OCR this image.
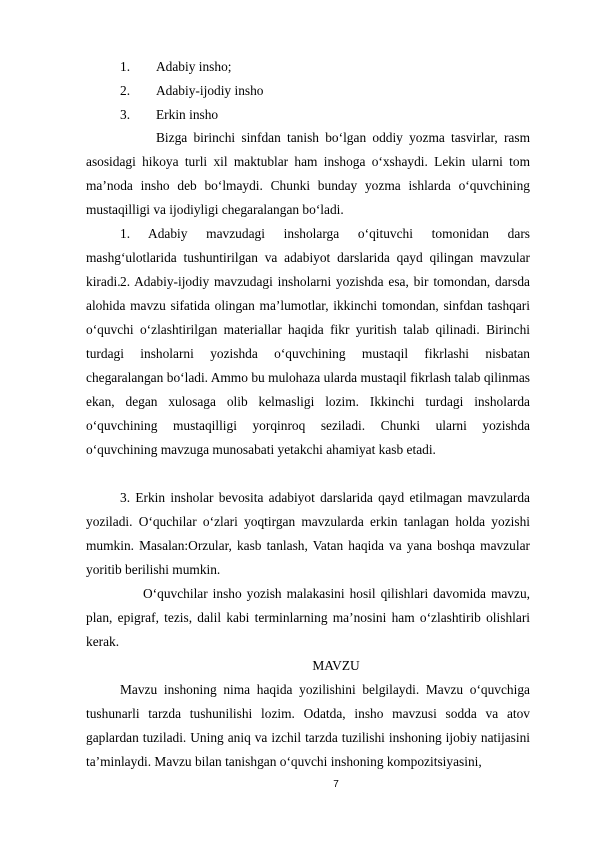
1.	Adabiy insho;
2.	Adabiy-ijodiy insho
3.	Erkin insho

Bizga birinchi sinfdan tanish bo‘lgan oddiy yozma tasvirlar, rasm asosidagi hikoya turli xil maktublar ham inshoga o‘xshaydi. Lekin ularni tom ma’noda insho deb bo‘lmaydi. Chunki bunday yozma ishlarda o‘quvchining mustaqilligi va ijodiyligi chegaralangan bo‘ladi.

1. Adabiy mavzudagi insholarga o‘qituvchi tomonidan dars mashg‘ulotlarida tushuntirilgan va adabiyot darslarida qayd qilingan mavzular kiradi. 2. Adabiy-ijodiy mavzudagi insholarni yozishda esa, bir tomondan, darsda alohida mavzu sifatida olingan ma’lumotlar, ikkinchi tomondan, sinfdan tashqari o‘quvchi o‘zlashtirilgan materiallar haqida fikr yuritish talab qilinadi. Birinchi turdagi insholarni yozishda o‘quvchining mustaqil fikrlashi nisbatan chegaralangan bo‘ladi. Ammo bu mulohaza ularda mustaqil fikrlash talab qilinmas ekan, degan xulosaga olib kelmasligi lozim. Ikkinchi turdagi insholarda o‘quvchining mustaqilligi yorqinroq seziladi. Chunki ularni yozishda o‘quvchining mavzuga munosabati yetakchi ahamiyat kasb etadi.

3. Erkin insholar bevosita adabiyot darslarida qayd etilmagan mavzularda yoziladi. O‘quchilar o‘zlari yoqtirgan mavzularda erkin tanlagan holda yozishi mumkin. Masalan:Orzular, kasb tanlash, Vatan haqida va yana boshqa mavzular yoritib berilishi mumkin.

O‘quvchilar insho yozish malakasini hosil qilishlari davomida mavzu, plan, epigraf, tezis, dalil kabi terminlarning ma’nosini ham o‘zlashtirib olishlari kerak.

MAVZU

Mavzu inshoning nima haqida yozilishini belgilaydi. Mavzu o‘quvchiga tushunarli tarzda tushunilishi lozim. Odatda, insho mavzusi sodda va atov gaplardan tuziladi. Uning aniq va izchil tarzda tuzilishi inshoning ijobiy natijasini ta’minlaydi. Mavzu bilan tanishgan o‘quvchi inshoning kompozitsiyasini,

7
